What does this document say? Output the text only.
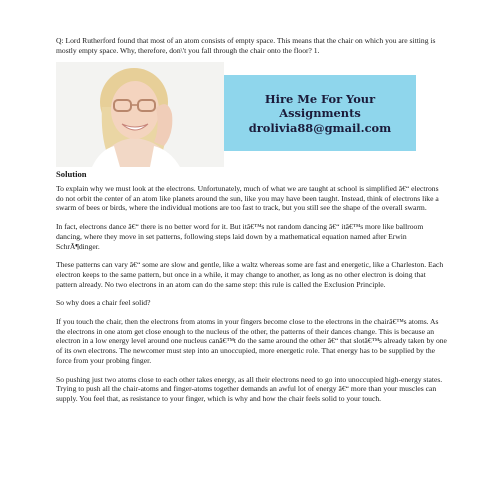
Q: Lord Rutherford found that most of an atom consists of empty space. This means that the chair on which you are sitting is mostly empty space. Why, therefore, don\'t you fall through the chair onto the floor? 1.

Hire Me For Your
Assignments
drolivia88@gmail.com
Solution

To explain why we must look at the electrons. Unfortunately, much of what we are taught at school is simplified â€“ electrons do not orbit the center of an atom like planets around the sun, like you may have been taught. Instead, think of electrons like a swarm of bees or birds, where the individual motions are too fast to track, but you still see the shape of the overall swarm.

In fact, electrons dance â€“ there is no better word for it. But itâ€™s not random dancing â€“ itâ€™s more like ballroom dancing, where they move in set patterns, following steps laid down by a mathematical equation named after Erwin SchrÃ¶dinger.

These patterns can vary â€“ some are slow and gentle, like a waltz whereas some are fast and energetic, like a Charleston. Each electron keeps to the same pattern, but once in a while, it may change to another, as long as no other electron is doing that pattern already. No two electrons in an atom can do the same step: this rule is called the Exclusion Principle.

So why does a chair feel solid?

If you touch the chair, then the electrons from atoms in your fingers become close to the electrons in the chairâ€™s atoms. As the electrons in one atom get close enough to the nucleus of the other, the patterns of their dances change. This is because an electron in a low energy level around one nucleus canâ€™t do the same around the other â€“ that slotâ€™s already taken by one of its own electrons. The newcomer must step into an unoccupied, more energetic role. That energy has to be supplied by the force from your probing finger.

So pushing just two atoms close to each other takes energy, as all their electrons need to go into unoccupied high-energy states. Trying to push all the chair-atoms and finger-atoms together demands an awful lot of energy â€“ more than your muscles can supply. You feel that, as resistance to your finger, which is why and how the chair feels solid to your touch.
